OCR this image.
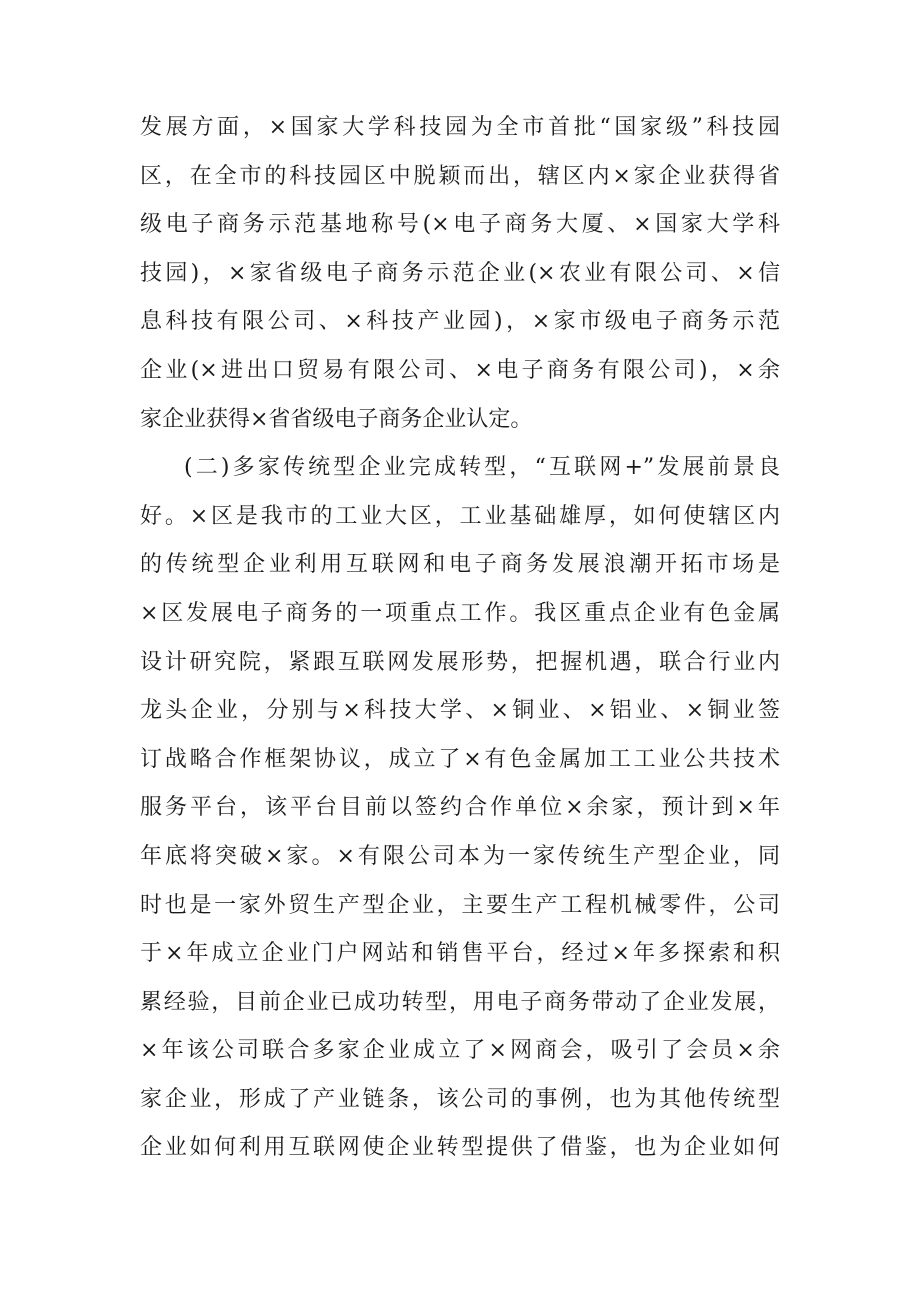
发展方面，×国家大学科技园为全市首批“国家级”科技园
区，在全市的科技园区中脱颖而出，辖区内×家企业获得省
级电子商务示范基地称号(×电子商务大厦、×国家大学科
技园)，×家省级电子商务示范企业(×农业有限公司、×信
息科技有限公司、×科技产业园)，×家市级电子商务示范
企业(×进出口贸易有限公司、×电子商务有限公司)，×余
家企业获得×省省级电子商务企业认定。
(二)多家传统型企业完成转型，“互联网+”发展前景良
好。×区是我市的工业大区，工业基础雄厚，如何使辖区内
的传统型企业利用互联网和电子商务发展浪潮开拓市场是
×区发展电子商务的一项重点工作。我区重点企业有色金属
设计研究院，紧跟互联网发展形势，把握机遇，联合行业内
龙头企业，分别与×科技大学、×铜业、×铝业、×铜业签
订战略合作框架协议，成立了×有色金属加工工业公共技术
服务平台，该平台目前以签约合作单位×余家，预计到×年
年底将突破×家。×有限公司本为一家传统生产型企业，同
时也是一家外贸生产型企业，主要生产工程机械零件，公司
于×年成立企业门户网站和销售平台，经过×年多探索和积
累经验，目前企业已成功转型，用电子商务带动了企业发展，
×年该公司联合多家企业成立了×网商会，吸引了会员×余
家企业，形成了产业链条，该公司的事例，也为其他传统型
企业如何利用互联网使企业转型提供了借鉴，也为企业如何
